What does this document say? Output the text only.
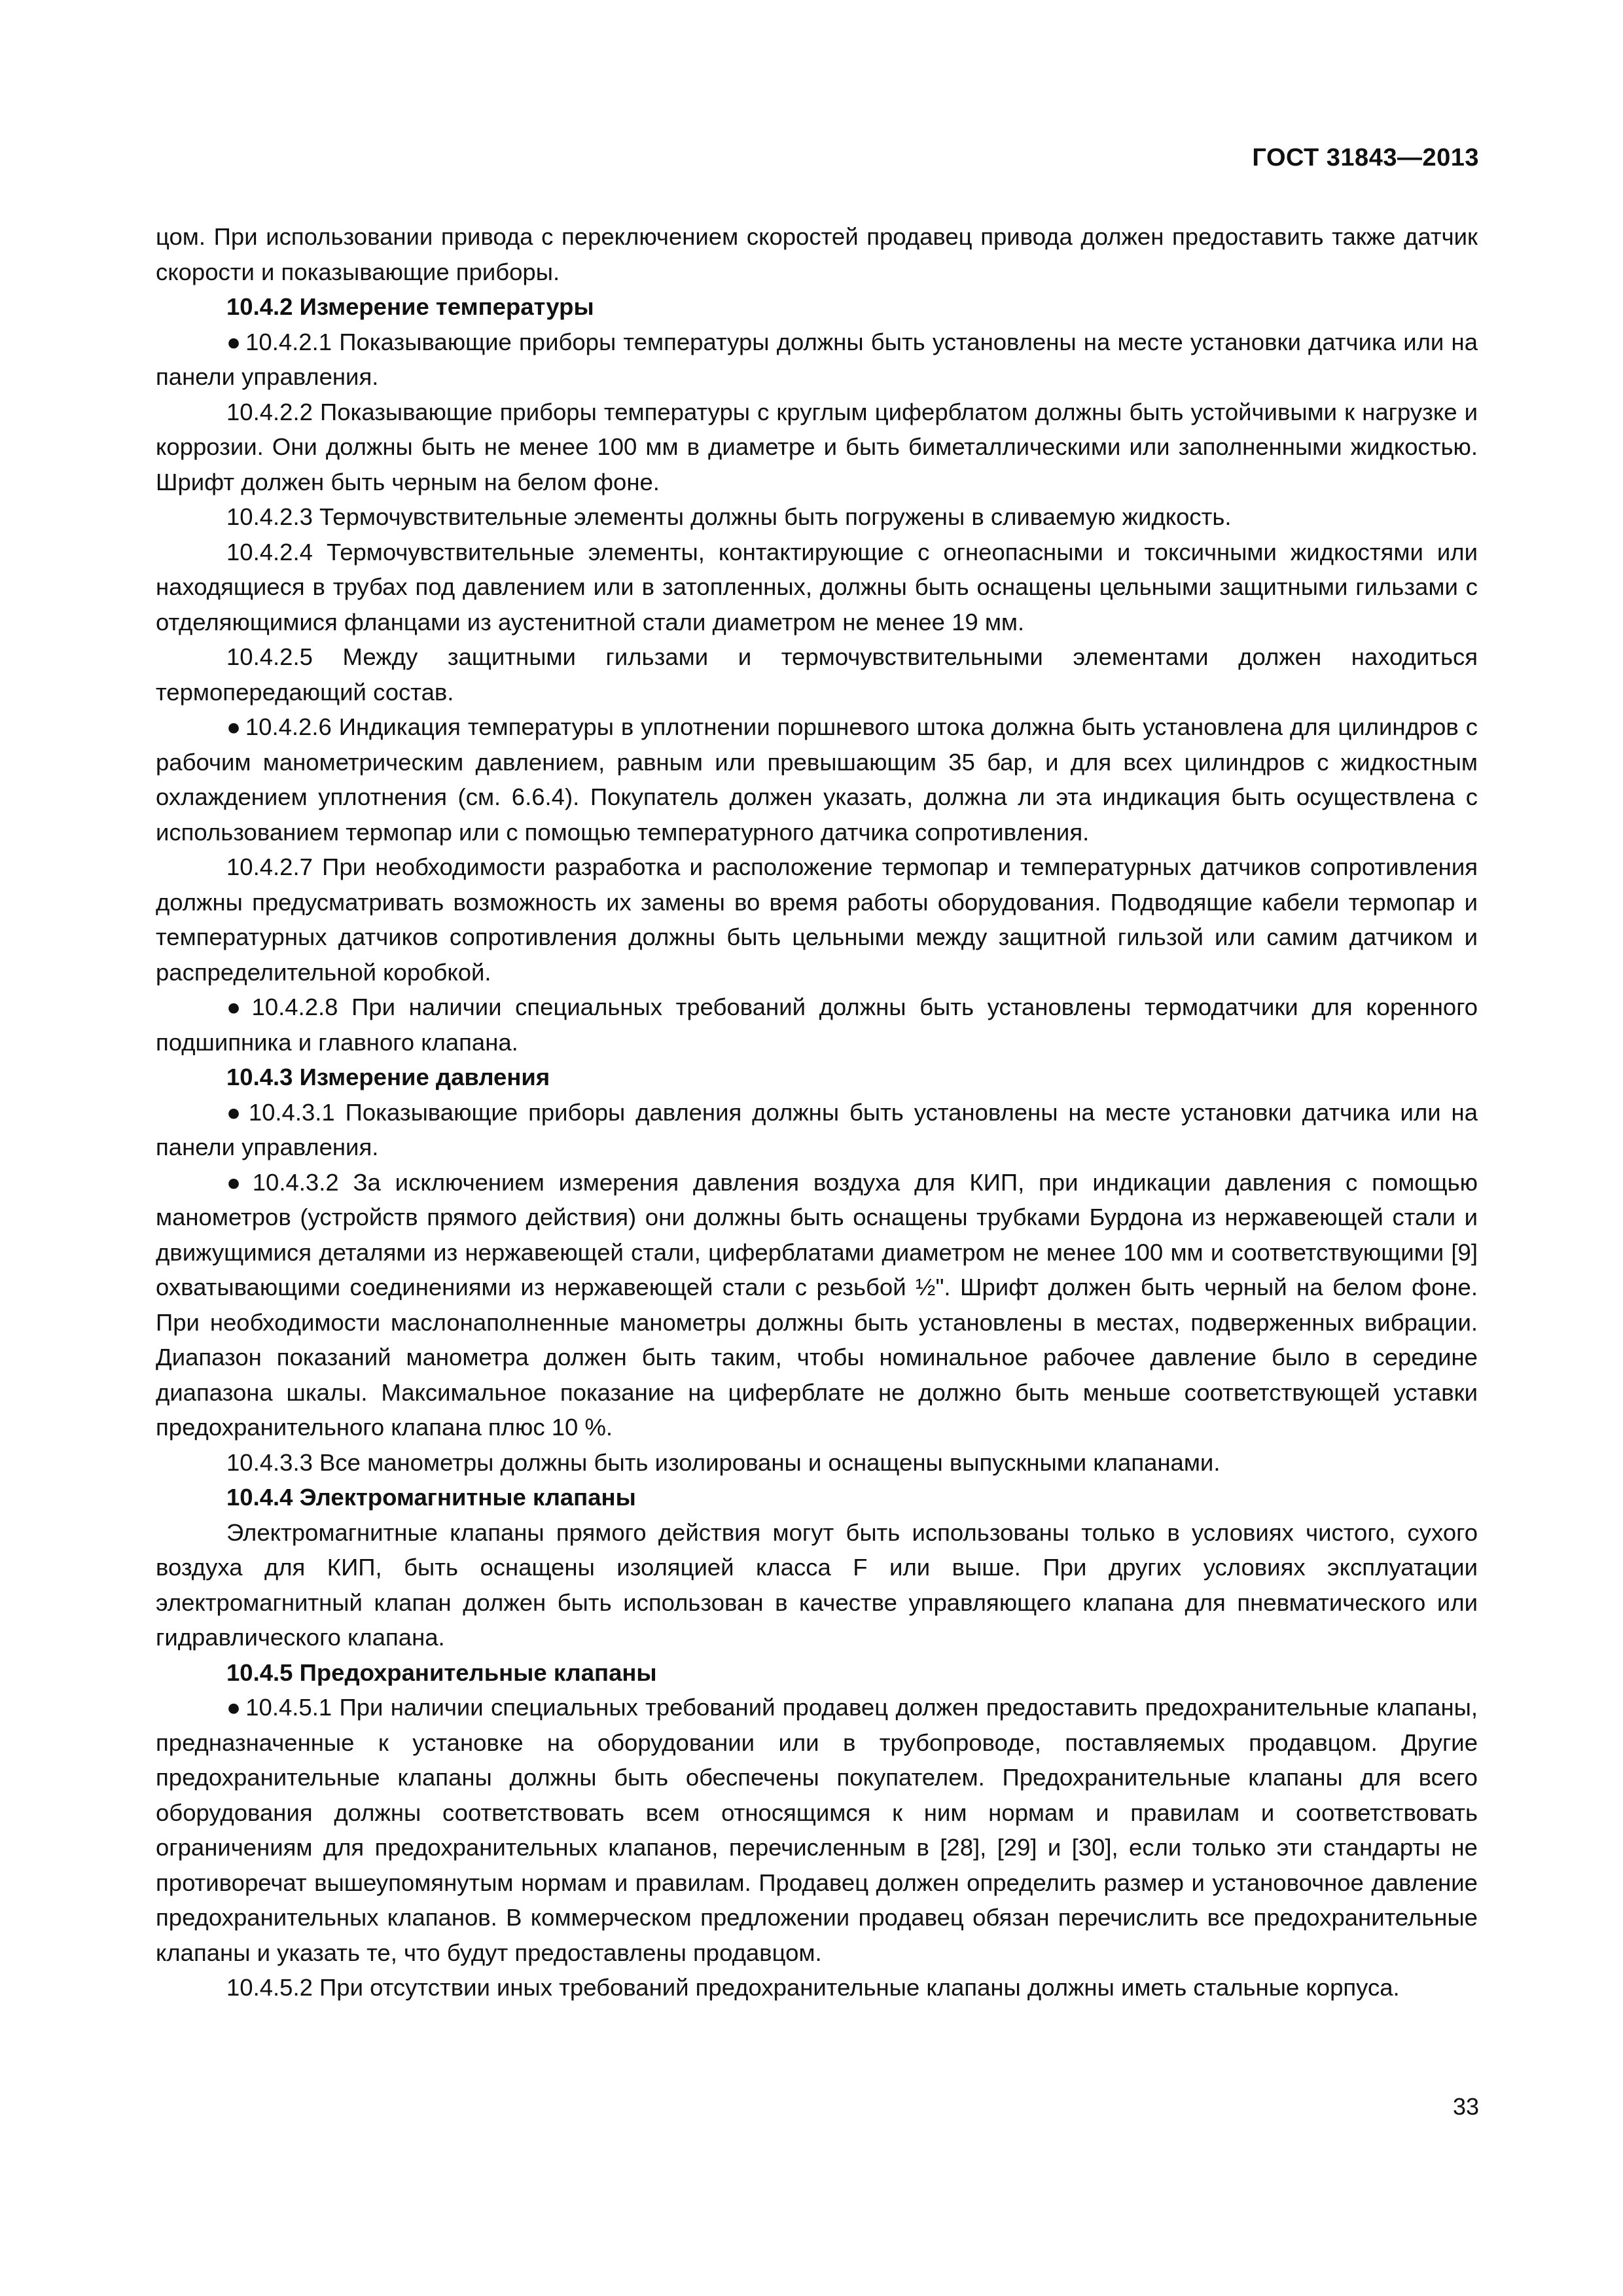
ГОСТ 31843—2013

цом. При использовании привода с переключением скоростей продавец привода должен предоставить также датчик скорости и показывающие приборы.

10.4.2 Измерение температуры

● 10.4.2.1 Показывающие приборы температуры должны быть установлены на месте установки датчика или на панели управления.

10.4.2.2 Показывающие приборы температуры с круглым циферблатом должны быть устойчивыми к нагрузке и коррозии. Они должны быть не менее 100 мм в диаметре и быть биметаллическими или заполненными жидкостью. Шрифт должен быть черным на белом фоне.

10.4.2.3 Термочувствительные элементы должны быть погружены в сливаемую жидкость.

10.4.2.4 Термочувствительные элементы, контактирующие с огнеопасными и токсичными жидкостями или находящиеся в трубах под давлением или в затопленных, должны быть оснащены цельными защитными гильзами с отделяющимися фланцами из аустенитной стали диаметром не менее 19 мм.

10.4.2.5 Между защитными гильзами и термочувствительными элементами должен находиться термопередающий состав.

● 10.4.2.6 Индикация температуры в уплотнении поршневого штока должна быть установлена для цилиндров с рабочим манометрическим давлением, равным или превышающим 35 бар, и для всех цилиндров с жидкостным охлаждением уплотнения (см. 6.6.4). Покупатель должен указать, должна ли эта индикация быть осуществлена с использованием термопар или с помощью температурного датчика сопротивления.

10.4.2.7 При необходимости разработка и расположение термопар и температурных датчиков сопротивления должны предусматривать возможность их замены во время работы оборудования. Подводящие кабели термопар и температурных датчиков сопротивления должны быть цельными между защитной гильзой или самим датчиком и распределительной коробкой.

● 10.4.2.8 При наличии специальных требований должны быть установлены термодатчики для коренного подшипника и главного клапана.

10.4.3 Измерение давления

● 10.4.3.1 Показывающие приборы давления должны быть установлены на месте установки датчика или на панели управления.

● 10.4.3.2 За исключением измерения давления воздуха для КИП, при индикации давления с помощью манометров (устройств прямого действия) они должны быть оснащены трубками Бурдона из нержавеющей стали и движущимися деталями из нержавеющей стали, циферблатами диаметром не менее 100 мм и соответствующими [9] охватывающими соединениями из нержавеющей стали с резьбой ½". Шрифт должен быть черный на белом фоне. При необходимости маслонаполненные манометры должны быть установлены в местах, подверженных вибрации. Диапазон показаний манометра должен быть таким, чтобы номинальное рабочее давление было в середине диапазона шкалы. Максимальное показание на циферблате не должно быть меньше соответствующей уставки предохранительного клапана плюс 10 %.

10.4.3.3 Все манометры должны быть изолированы и оснащены выпускными клапанами.

10.4.4 Электромагнитные клапаны

Электромагнитные клапаны прямого действия могут быть использованы только в условиях чистого, сухого воздуха для КИП, быть оснащены изоляцией класса F или выше. При других условиях эксплуатации электромагнитный клапан должен быть использован в качестве управляющего клапана для пневматического или гидравлического клапана.

10.4.5 Предохранительные клапаны

● 10.4.5.1 При наличии специальных требований продавец должен предоставить предохранительные клапаны, предназначенные к установке на оборудовании или в трубопроводе, поставляемых продавцом. Другие предохранительные клапаны должны быть обеспечены покупателем. Предохранительные клапаны для всего оборудования должны соответствовать всем относящимся к ним нормам и правилам и соответствовать ограничениям для предохранительных клапанов, перечисленным в [28], [29] и [30], если только эти стандарты не противоречат вышеупомянутым нормам и правилам. Продавец должен определить размер и установочное давление предохранительных клапанов. В коммерческом предложении продавец обязан перечислить все предохранительные клапаны и указать те, что будут предоставлены продавцом.

10.4.5.2 При отсутствии иных требований предохранительные клапаны должны иметь стальные корпуса.

33
